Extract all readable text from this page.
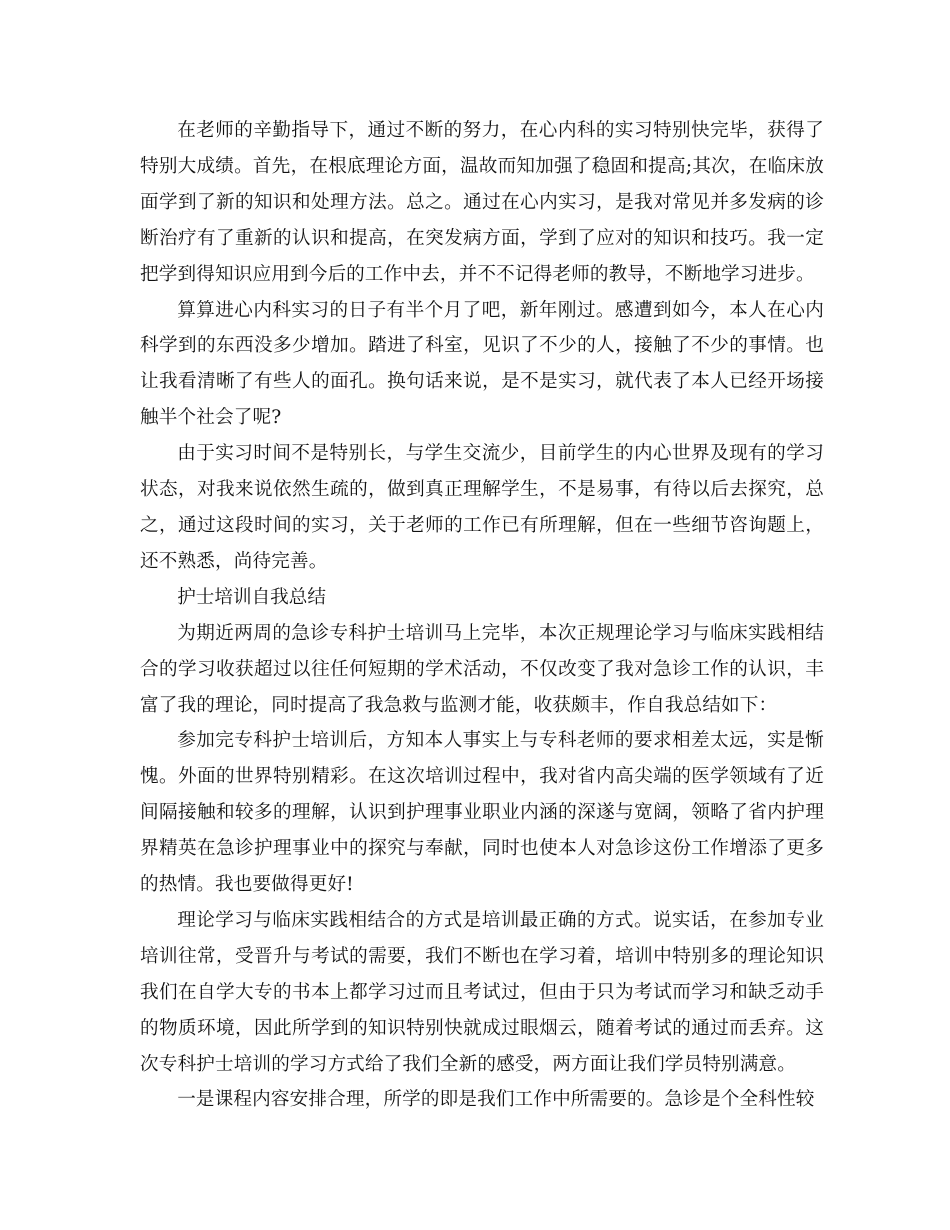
在老师的辛勤指导下，通过不断的努力，在心内科的实习特别快完毕，获得了特别大成绩。首先，在根底理论方面，温故而知加强了稳固和提高;其次，在临床放面学到了新的知识和处理方法。总之。通过在心内实习，是我对常见并多发病的诊断治疗有了重新的认识和提高，在突发病方面，学到了应对的知识和技巧。我一定把学到得知识应用到今后的工作中去，并不不记得老师的教导，不断地学习进步。

算算进心内科实习的日子有半个月了吧，新年刚过。感遭到如今，本人在心内科学到的东西没多少增加。踏进了科室，见识了不少的人，接触了不少的事情。也让我看清晰了有些人的面孔。换句话来说，是不是实习，就代表了本人已经开场接触半个社会了呢?

由于实习时间不是特别长，与学生交流少，目前学生的内心世界及现有的学习状态，对我来说依然生疏的，做到真正理解学生，不是易事，有待以后去探究，总之，通过这段时间的实习，关于老师的工作已有所理解，但在一些细节咨询题上，还不熟悉，尚待完善。

护士培训自我总结

为期近两周的急诊专科护士培训马上完毕，本次正规理论学习与临床实践相结合的学习收获超过以往任何短期的学术活动，不仅改变了我对急诊工作的认识，丰富了我的理论，同时提高了我急救与监测才能，收获颇丰，作自我总结如下：

参加完专科护士培训后，方知本人事实上与专科老师的要求相差太远，实是惭愧。外面的世界特别精彩。在这次培训过程中，我对省内高尖端的医学领域有了近间隔接触和较多的理解，认识到护理事业职业内涵的深遂与宽阔，领略了省内护理界精英在急诊护理事业中的探究与奉献，同时也使本人对急诊这份工作增添了更多的热情。我也要做得更好!

理论学习与临床实践相结合的方式是培训最正确的方式。说实话，在参加专业培训往常，受晋升与考试的需要，我们不断也在学习着，培训中特别多的理论知识我们在自学大专的书本上都学习过而且考试过，但由于只为考试而学习和缺乏动手的物质环境，因此所学到的知识特别快就成过眼烟云，随着考试的通过而丢弃。这次专科护士培训的学习方式给了我们全新的感受，两方面让我们学员特别满意。

一是课程内容安排合理，所学的即是我们工作中所需要的。急诊是个全科性较
